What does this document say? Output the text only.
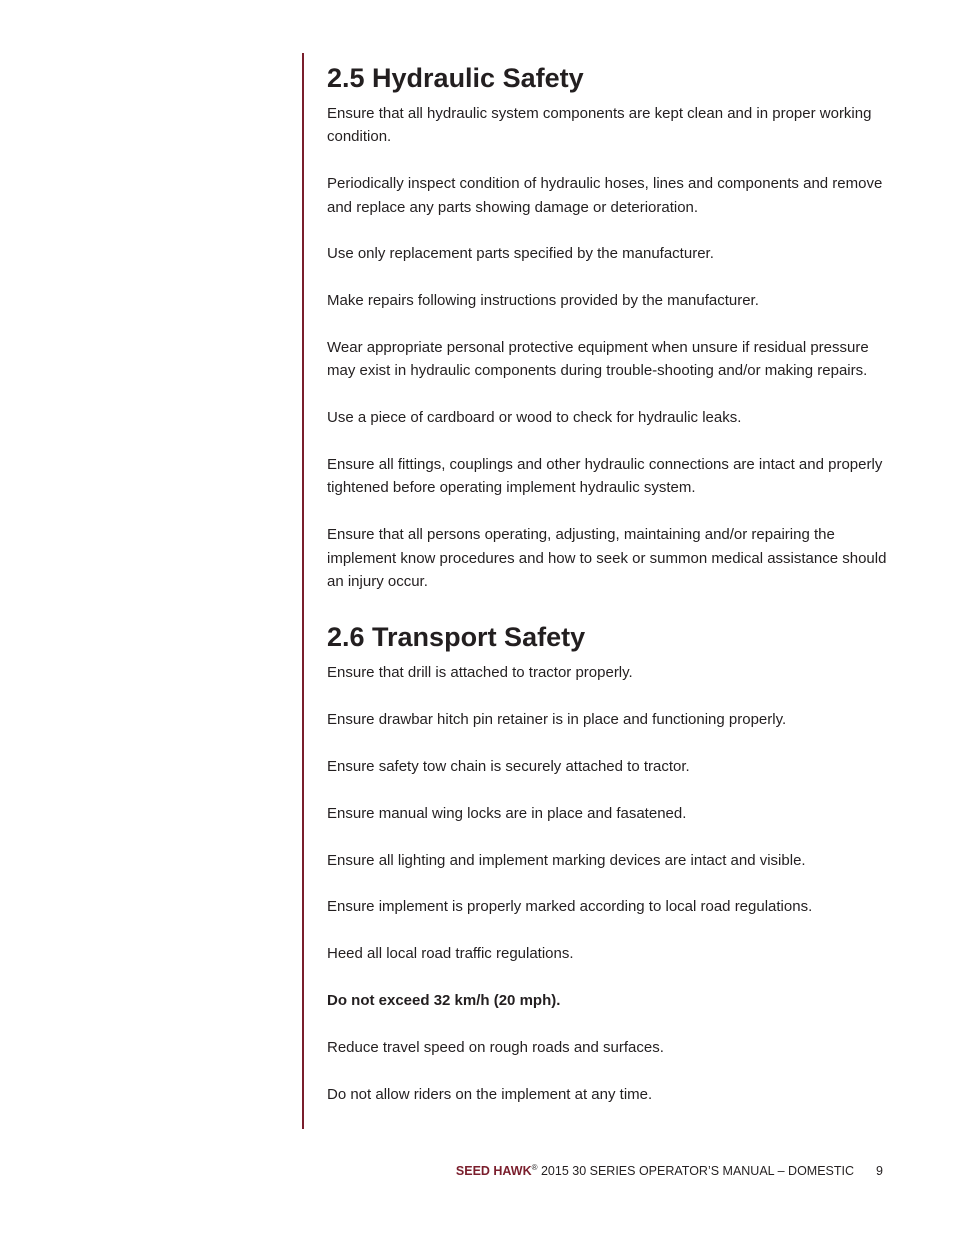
2.5 Hydraulic Safety

Ensure that all hydraulic system components are kept clean and in proper working condition.

Periodically inspect condition of hydraulic hoses, lines and components and remove and replace any parts showing damage or deterioration.

Use only replacement parts specified by the manufacturer.

Make repairs following instructions provided by the manufacturer.

Wear appropriate personal protective equipment when unsure if residual pressure may exist in hydraulic components during trouble-shooting and/or making repairs.

Use a piece of cardboard or wood to check for hydraulic leaks.

Ensure all fittings, couplings and other hydraulic connections are intact and properly tightened before operating implement hydraulic system.

Ensure that all persons operating, adjusting, maintaining and/or repairing the implement know procedures and how to seek or summon medical assistance should an injury occur.

2.6 Transport Safety

Ensure that drill is attached to tractor properly.

Ensure drawbar hitch pin retainer is in place and functioning properly.

Ensure safety tow chain is securely attached to tractor.

Ensure manual wing locks are in place and fasatened.

Ensure all lighting and implement marking devices are intact and visible.

Ensure implement is properly marked according to local road regulations.

Heed all local road traffic regulations.

Do not exceed 32 km/h (20 mph).

Reduce travel speed on rough roads and surfaces.

Do not allow riders on the implement at any time.

SEED HAWK® 2015 30 SERIES OPERATOR’S MANUAL – DOMESTIC 9
